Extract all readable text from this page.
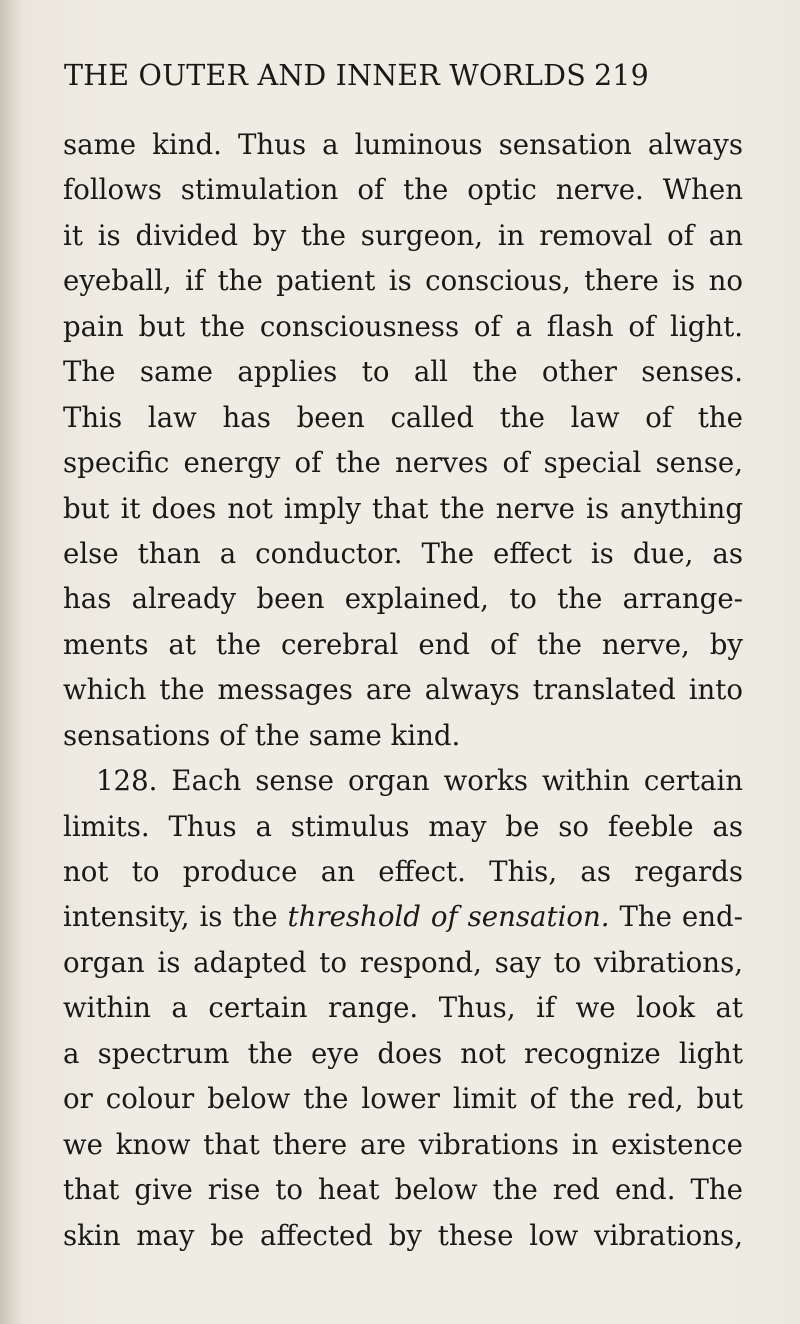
THE OUTER AND INNER WORLDS 219
same kind. Thus a luminous sensation always
follows stimulation of the optic nerve. When
it is divided by the surgeon, in removal of an
eyeball, if the patient is conscious, there is no
pain but the consciousness of a flash of light.
The same applies to all the other senses.
This law has been called the law of the
specific energy of the nerves of special sense,
but it does not imply that the nerve is anything
else than a conductor. The effect is due, as
has already been explained, to the arrange-
ments at the cerebral end of the nerve, by
which the messages are always translated into
sensations of the same kind.
128. Each sense organ works within certain
limits. Thus a stimulus may be so feeble as
not to produce an effect. This, as regards
intensity, is the threshold of sensation. The end-
organ is adapted to respond, say to vibrations,
within a certain range. Thus, if we look at
a spectrum the eye does not recognize light
or colour below the lower limit of the red, but
we know that there are vibrations in existence
that give rise to heat below the red end. The
skin may be affected by these low vibrations,
